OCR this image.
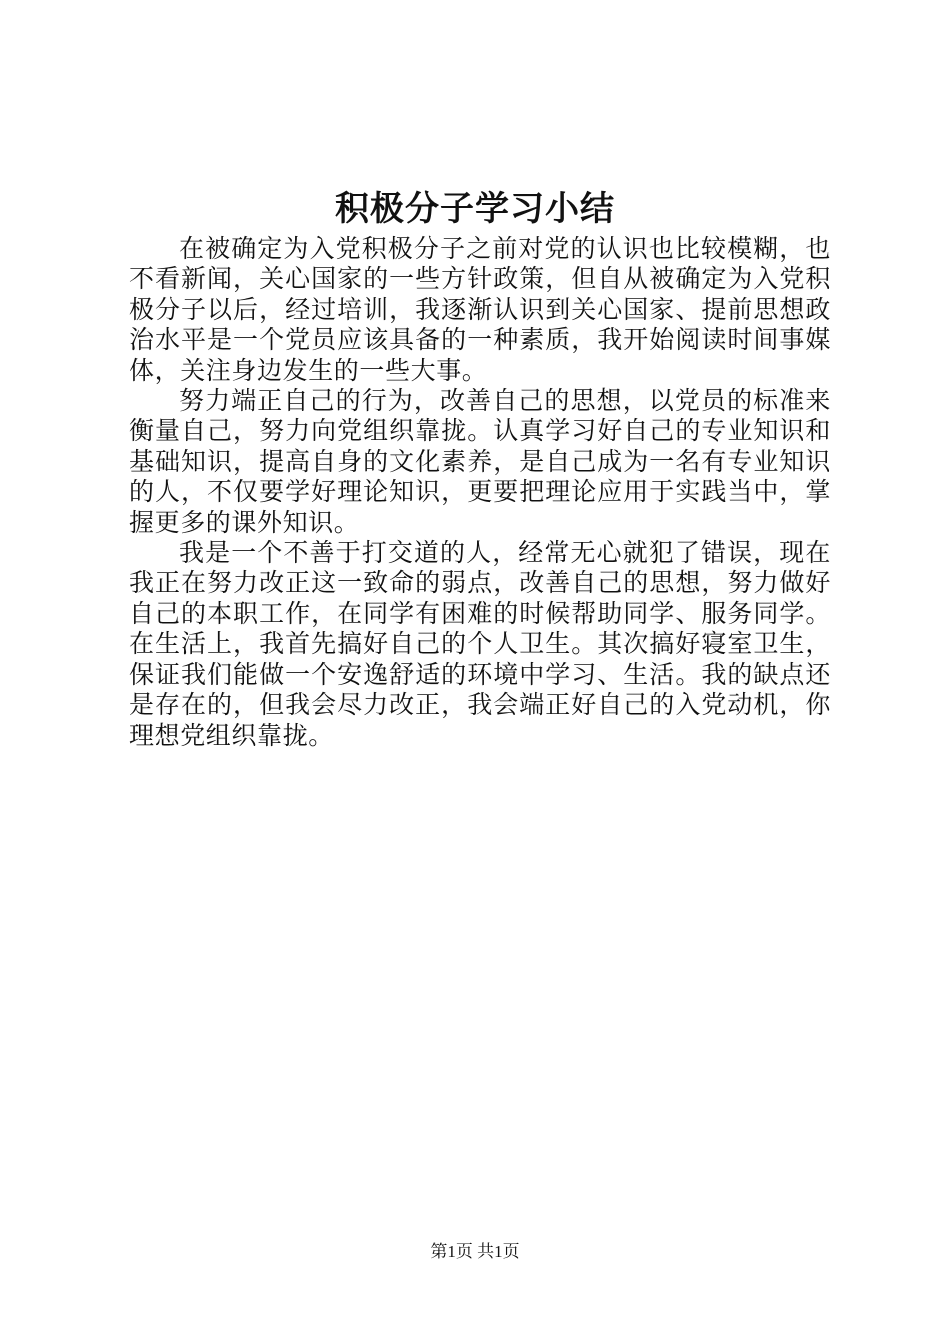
积极分子学习小结

在被确定为入党积极分子之前对党的认识也比较模糊，也不看新闻，关心国家的一些方针政策，但自从被确定为入党积极分子以后，经过培训，我逐渐认识到关心国家、提前思想政治水平是一个党员应该具备的一种素质，我开始阅读时间事媒体，关注身边发生的一些大事。

努力端正自己的行为，改善自己的思想，以党员的标准来衡量自己，努力向党组织靠拢。认真学习好自己的专业知识和基础知识，提高自身的文化素养，是自己成为一名有专业知识的人，不仅要学好理论知识，更要把理论应用于实践当中，掌握更多的课外知识。

我是一个不善于打交道的人，经常无心就犯了错误，现在我正在努力改正这一致命的弱点，改善自己的思想，努力做好自己的本职工作，在同学有困难的时候帮助同学、服务同学。在生活上，我首先搞好自己的个人卫生。其次搞好寝室卫生，保证我们能做一个安逸舒适的环境中学习、生活。我的缺点还是存在的，但我会尽力改正，我会端正好自己的入党动机，你理想党组织靠拢。

第1页 共1页
